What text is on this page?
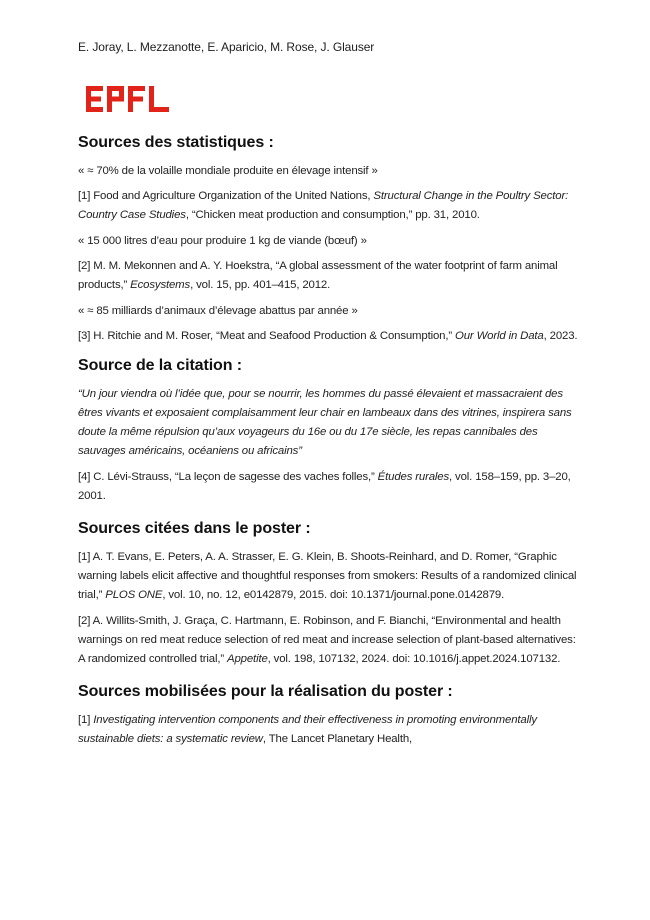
E. Joray, L. Mezzanotte, E. Aparicio, M. Rose, J. Glauser
Sources des statistiques :

« ≈ 70% de la volaille mondiale produite en élevage intensif »

[1] Food and Agriculture Organization of the United Nations, Structural Change in the Poultry Sector: Country Case Studies, “Chicken meat production and consumption,” pp. 31, 2010.

« 15 000 litres d’eau pour produire 1 kg de viande (bœuf) »

[2] M. M. Mekonnen and A. Y. Hoekstra, “A global assessment of the water footprint of farm animal products,” Ecosystems, vol. 15, pp. 401–415, 2012.

« ≈ 85 milliards d’animaux d’élevage abattus par année »

[3] H. Ritchie and M. Roser, “Meat and Seafood Production & Consumption,” Our World in Data, 2023.

Source de la citation :

“Un jour viendra où l’idée que, pour se nourrir, les hommes du passé élevaient et massacraient des êtres vivants et exposaient complaisamment leur chair en lambeaux dans des vitrines, inspirera sans doute la même répulsion qu’aux voyageurs du 16e ou du 17e siècle, les repas cannibales des sauvages américains, océaniens ou africains”

[4] C. Lévi-Strauss, “La leçon de sagesse des vaches folles,” Études rurales, vol. 158–159, pp. 3–20, 2001.

Sources citées dans le poster :

[1] A. T. Evans, E. Peters, A. A. Strasser, E. G. Klein, B. Shoots-Reinhard, and D. Romer, “Graphic warning labels elicit affective and thoughtful responses from smokers: Results of a randomized clinical trial,” PLOS ONE, vol. 10, no. 12, e0142879, 2015. doi: 10.1371/journal.pone.0142879.

[2] A. Willits-Smith, J. Graça, C. Hartmann, E. Robinson, and F. Bianchi, “Environmental and health warnings on red meat reduce selection of red meat and increase selection of plant-based alternatives: A randomized controlled trial,” Appetite, vol. 198, 107132, 2024. doi: 10.1016/j.appet.2024.107132.

Sources mobilisées pour la réalisation du poster :

[1] Investigating intervention components and their effectiveness in promoting environmentally sustainable diets: a systematic review, The Lancet Planetary Health,
